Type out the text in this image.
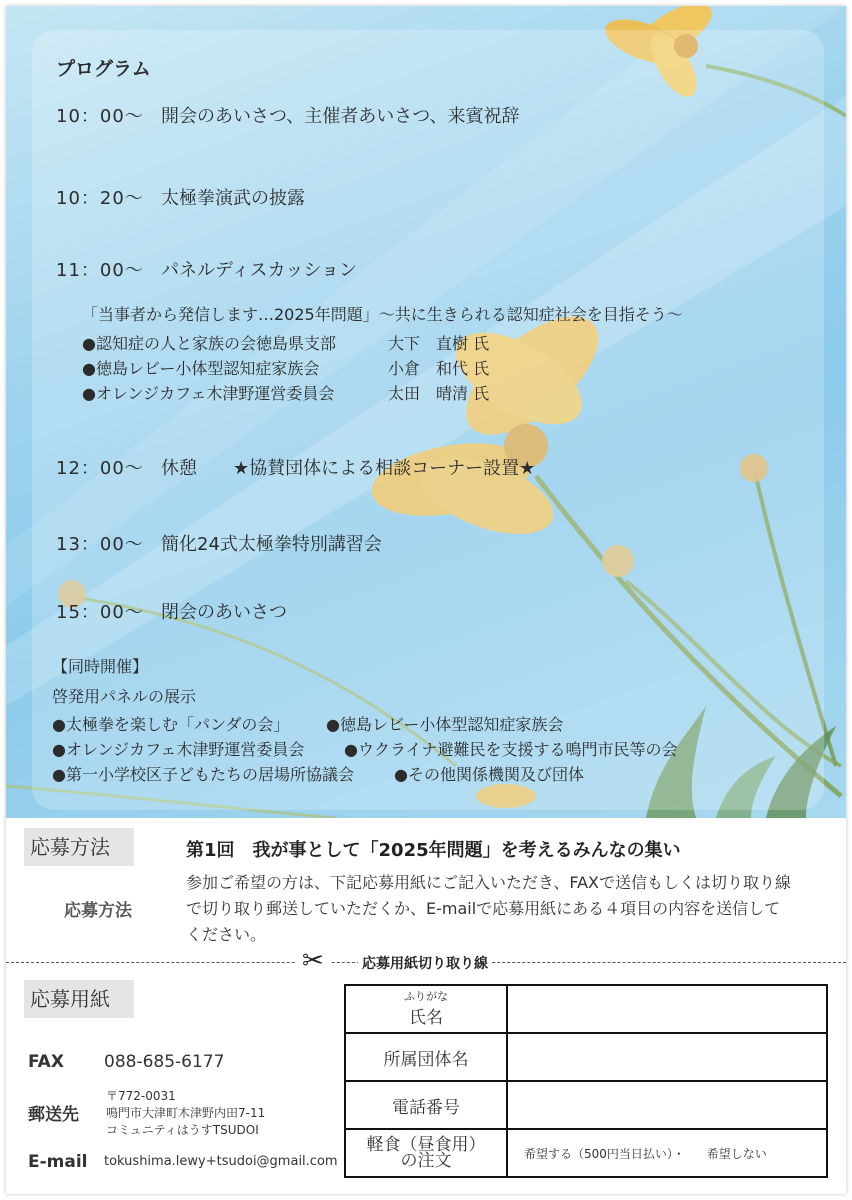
プログラム
10：00〜 開会のあいさつ、主催者あいさつ、来賓祝辞
10：20〜 太極拳演武の披露
11：00〜 パネルディスカッション
「当事者から発信します…2025年問題」〜共に生きられる認知症社会を目指そう〜
●認知症の人と家族の会徳島県支部	大下　直樹 氏
●徳島レビー小体型認知症家族会	小倉　和代 氏
●オレンジカフェ木津野運営委員会	太田　晴清 氏
12：00〜 休憩　　★協賛団体による相談コーナー設置★
13：00〜 簡化24式太極拳特別講習会
15：00〜 閉会のあいさつ
【同時開催】
啓発用パネルの展示
●太極拳を楽しむ「パンダの会」 ●徳島レビー小体型認知症家族会
●オレンジカフェ木津野運営委員会 ●ウクライナ避難民を支援する鳴門市民等の会
●第一小学校区子どもたちの居場所協議会	●その他関係機関及び団体
応募方法	第1回　我が事として「2025年問題」を考えるみんなの集い
応募方法
参加ご希望の方は、下記応募用紙にご記入いただき、FAXで送信もしくは切り取り線で切り取り郵送していただくか、E-mailで応募用紙にある４項目の内容を送信してください。
✂	応募用紙切り取り線
応募用紙
FAX 088-685-6177
郵送先
〒772-0031
鳴門市大津町木津野内田7-11
コミュニティはうすTSUDOI
E-mail tokushima.lewy+tsudoi@gmail.com
ふりがな
氏名	
所属団体名	
電話番号	

軽食（昼食用）
の注文	希望する（500円当日払い）・ 希望しない
